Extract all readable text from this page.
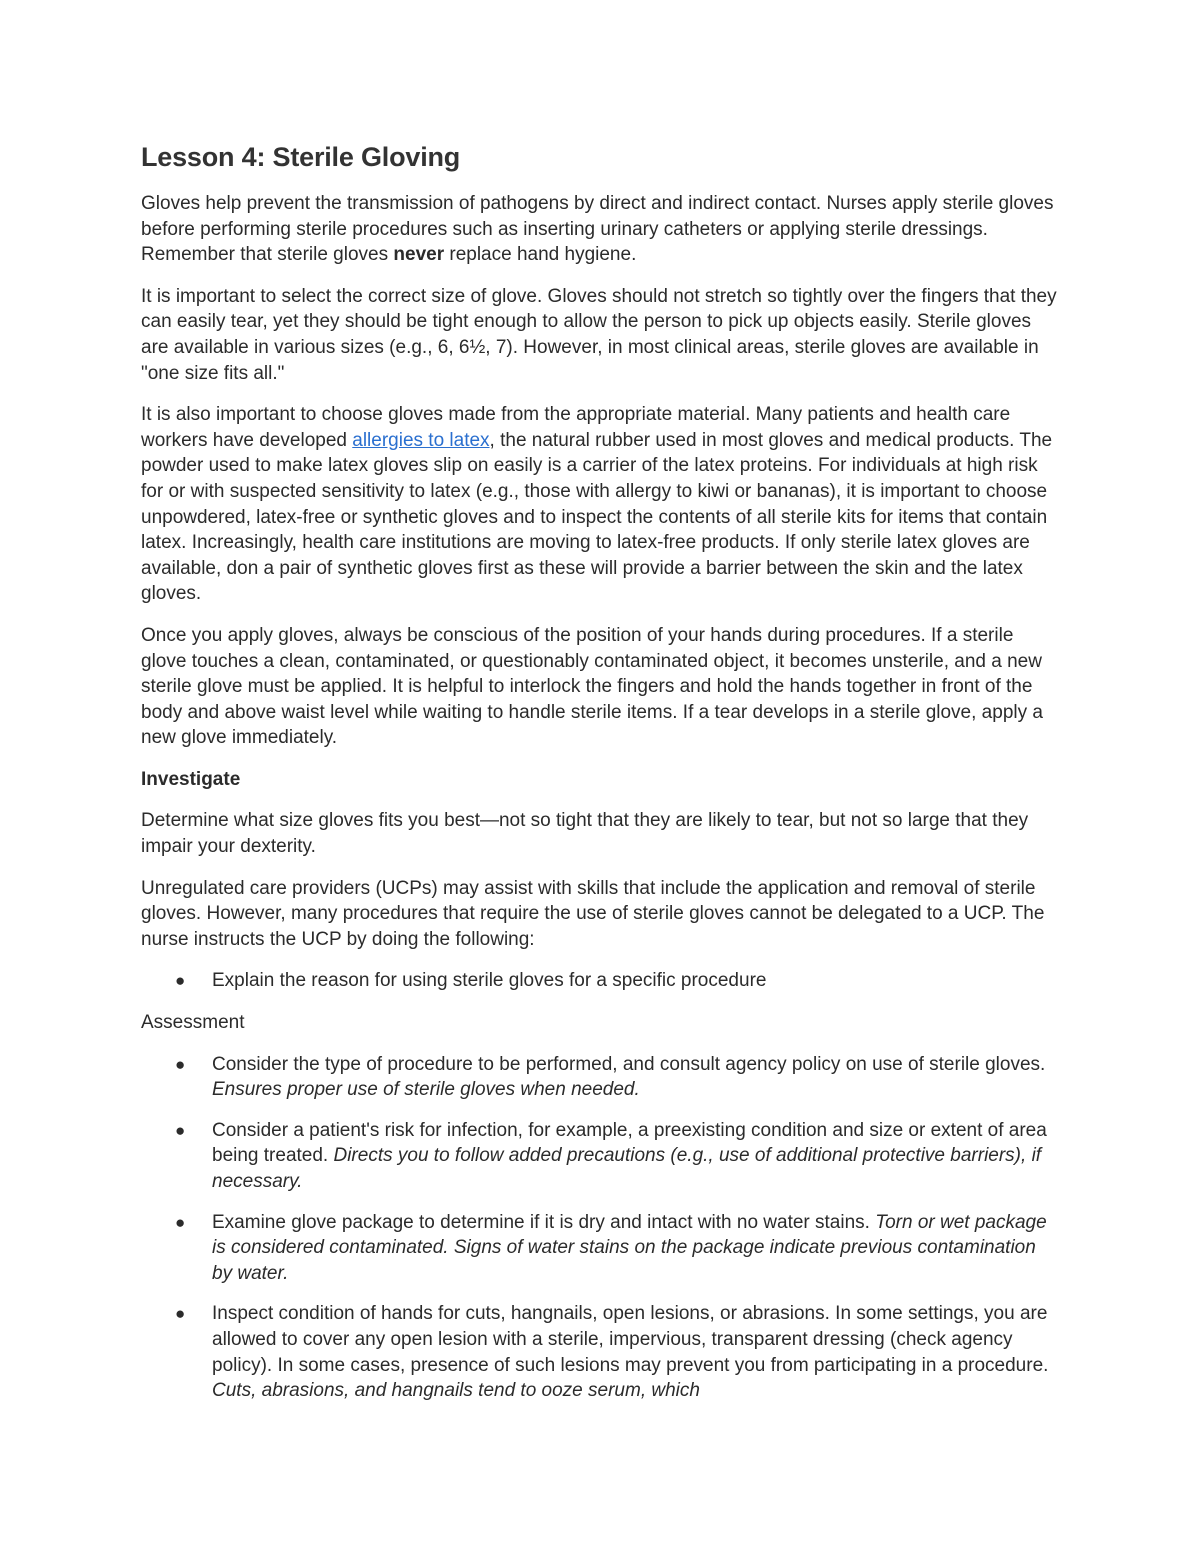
Lesson 4: Sterile Gloving

Gloves help prevent the transmission of pathogens by direct and indirect contact. Nurses apply sterile gloves before performing sterile procedures such as inserting urinary catheters or applying sterile dressings. Remember that sterile gloves never replace hand hygiene.

It is important to select the correct size of glove. Gloves should not stretch so tightly over the fingers that they can easily tear, yet they should be tight enough to allow the person to pick up objects easily. Sterile gloves are available in various sizes (e.g., 6, 6½, 7). However, in most clinical areas, sterile gloves are available in "one size fits all."

It is also important to choose gloves made from the appropriate material. Many patients and health care workers have developed allergies to latex, the natural rubber used in most gloves and medical products. The powder used to make latex gloves slip on easily is a carrier of the latex proteins. For individuals at high risk for or with suspected sensitivity to latex (e.g., those with allergy to kiwi or bananas), it is important to choose unpowdered, latex-free or synthetic gloves and to inspect the contents of all sterile kits for items that contain latex. Increasingly, health care institutions are moving to latex-free products. If only sterile latex gloves are available, don a pair of synthetic gloves first as these will provide a barrier between the skin and the latex gloves.

Once you apply gloves, always be conscious of the position of your hands during procedures. If a sterile glove touches a clean, contaminated, or questionably contaminated object, it becomes unsterile, and a new sterile glove must be applied. It is helpful to interlock the fingers and hold the hands together in front of the body and above waist level while waiting to handle sterile items. If a tear develops in a sterile glove, apply a new glove immediately.

Investigate

Determine what size gloves fits you best—not so tight that they are likely to tear, but not so large that they impair your dexterity.

Unregulated care providers (UCPs) may assist with skills that include the application and removal of sterile gloves. However, many procedures that require the use of sterile gloves cannot be delegated to a UCP. The nurse instructs the UCP by doing the following:

● Explain the reason for using sterile gloves for a specific procedure

Assessment

● Consider the type of procedure to be performed, and consult agency policy on use of sterile gloves. Ensures proper use of sterile gloves when needed.
● Consider a patient's risk for infection, for example, a preexisting condition and size or extent of area being treated. Directs you to follow added precautions (e.g., use of additional protective barriers), if necessary.
● Examine glove package to determine if it is dry and intact with no water stains. Torn or wet package is considered contaminated. Signs of water stains on the package indicate previous contamination by water.
● Inspect condition of hands for cuts, hangnails, open lesions, or abrasions. In some settings, you are allowed to cover any open lesion with a sterile, impervious, transparent dressing (check agency policy). In some cases, presence of such lesions may prevent you from participating in a procedure. Cuts, abrasions, and hangnails tend to ooze serum, which
